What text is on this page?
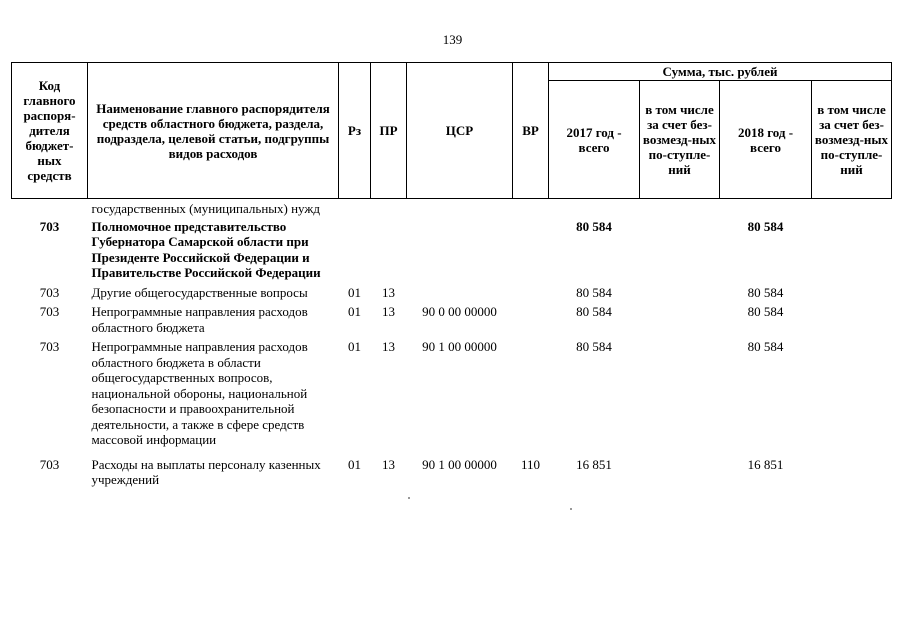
139
Код главного распоря-дителя бюджет-ных средств	Наименование главного распорядителя средств областного бюджета, раздела, подраздела, целевой статьи, подгруппы видов расходов	Рз	ПР	ЦСР	ВР	Сумма, тыс. рублей			
						2017 год - всего	в том числе за счет без-возмезд-ных по-ступле-ний	2018 год - всего	в том числе за счет без-возмезд-ных по-ступле-ний
	государственных (муниципальных) нужд								
703	Полномочное представительство Губернатора Самарской области при Президенте Российской Федерации и Правительстве Российской Федерации					80 584		80 584	
703	Другие общегосударственные вопросы	01	13			80 584		80 584	
703	Непрограммные направления расходов областного бюджета	01	13	90 0 00 00000		80 584		80 584	
703	Непрограммные направления расходов областного бюджета в области общегосударственных вопросов, национальной обороны, национальной безопасности и правоохранительной деятельности, а также в сфере средств массовой информации	01	13	90 1 00 00000		80 584		80 584	
703	Расходы на выплаты персоналу казенных учреждений	01	13	90 1 00 00000	110	16 851		16 851	
